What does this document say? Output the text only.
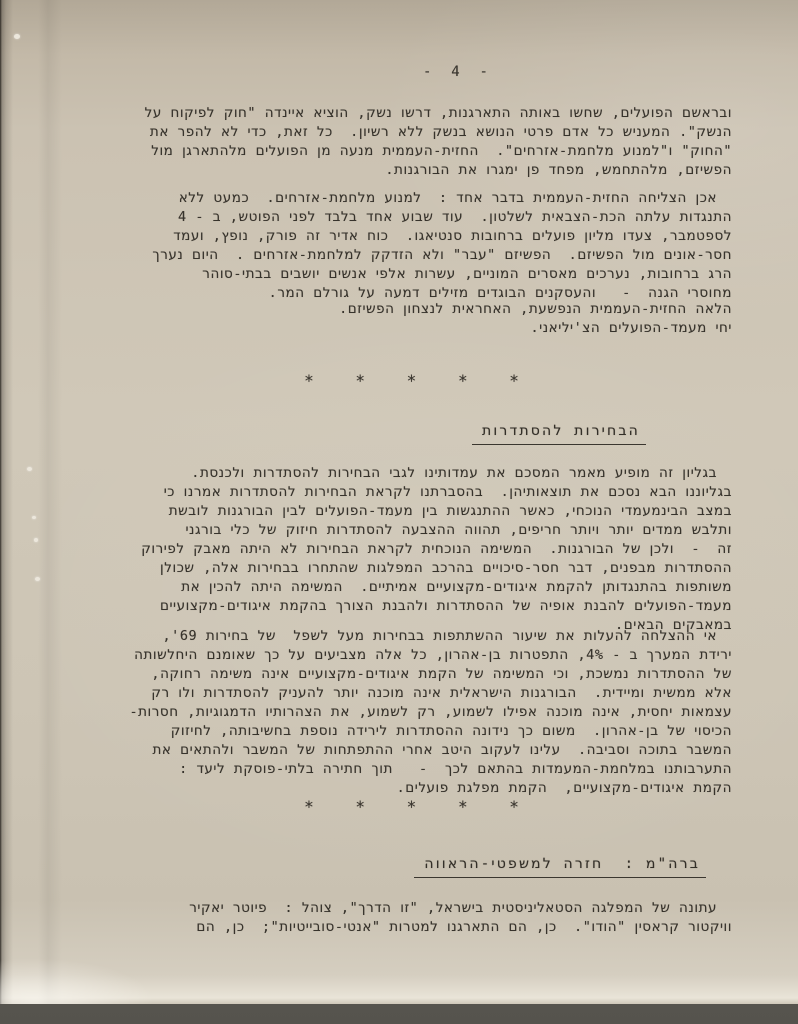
-  4  -
ובראשם הפועלים, שחשו באותה התארגנות, דרשו נשק, הוציא איינדה "חוק לפיקוח על
הנשק". המעניש כל אדם פרטי הנושא בנשק ללא רשיון.  כל זאת, כדי לא להפר את
"החוק" ו"למנוע מלחמת-אזרחים".  החזית-העממית מנעה מן הפועלים מלהתארגן מול
הפשיזם, מלהתחמש, מפחד פן ימגרו את הבורגנות.
אכן הצליחה החזית-העממית בדבר אחד :  למנוע מלחמת-אזרחים.  כמעט ללא
התנגדות עלתה הכת-הצבאית לשלטון.  עוד שבוע אחד בלבד לפני הפוטש, ב - 4
לספטמבר, צעדו מליון פועלים ברחובות סנטיאגו.  כוח אדיר זה פורק, נופץ, ועמד
חסר-אונים מול הפשיזם.  הפשיזם "עבר" ולא הזדקק למלחמת-אזרחים .  היום נערך
הרג ברחובות, נערכים מאסרים המוניים, עשרות אלפי אנשים יושבים בבתי-סוהר
מחוסרי הגנה  -   והעסקנים הבוגדים מזילים דמעה על גורלם המר.
הלאה החזית-העממית הנפשעת, האחראית לנצחון הפשיזם.
יחי מעמד-הפועלים הצ'יליאני.
* * * * *
הבחירות להסתדרות
בגליון זה מופיע מאמר המסכם את עמדותינו לגבי הבחירות להסתדרות ולכנסת.
בגליוננו הבא נסכם את תוצאותיהן.  בהסברתנו לקראת הבחירות להסתדרות אמרנו כי
במצב הבינמעמדי הנוכחי, כאשר ההתנגשות בין מעמד-הפועלים לבין הבורגנות לובשת
ותלבש ממדים יותר ויותר חריפים, תהווה ההצבעה להסתדרות חיזוק של כלי בורגני
זה  -  ולכן של הבורגנות.  המשימה הנוכחית לקראת הבחירות לא היתה מאבק לפירוק
ההסתדרות מבפנים, דבר חסר-סיכויים בהרכב המפלגות שהתחרו בבחירות אלה, שכולן
משותפות בהתנגדותן להקמת איגודים-מקצועיים אמיתיים.  המשימה היתה להכין את
מעמד-הפועלים להבנת אופיה של ההסתדרות ולהבנת הצורך בהקמת איגודים-מקצועיים
במאבקים הבאים.
אי ההצלחה להעלות את שיעור ההשתתפות בבחירות מעל לשפל  של בחירות 69',
ירידת המערך ב - 4%, התפטרות בן-אהרון, כל אלה מצביעים על כך שאומנם היחלשותה
של ההסתדרות נמשכת, וכי המשימה של הקמת איגודים-מקצועיים אינה משימה רחוקה,
אלא ממשית ומיידית.  הבורגנות הישראלית אינה מוכנה יותר להעניק להסתדרות ולו רק
עצמאות יחסית, אינה מוכנה אפילו לשמוע, רק לשמוע, את הצהרותיו הדמגוגיות, חסרות-
הכיסוי של בן-אהרון.  משום כך נידונה ההסתדרות לירידה נוספת בחשיבותה, לחיזוק
המשבר בתוכה וסביבה.  עלינו לעקוב היטב אחרי ההתפתחות של המשבר ולהתאים את
התערבותנו במלחמת-המעמדות בהתאם לכך  -   תוך חתירה בלתי-פוסקת ליעד :
הקמת איגודים-מקצועיים,  הקמת מפלגת פועלים.
* * * * *
ברה"מ :  חזרה למשפטי-הראווה
עתונה של המפלגה הסטאליניסטית בישראל, "זו הדרך", צוהל :  פיוטר יאקיר
וויקטור קראסין "הודו".  כן, הם התארגנו למטרות "אנטי-סובייטיות";  כן, הם
